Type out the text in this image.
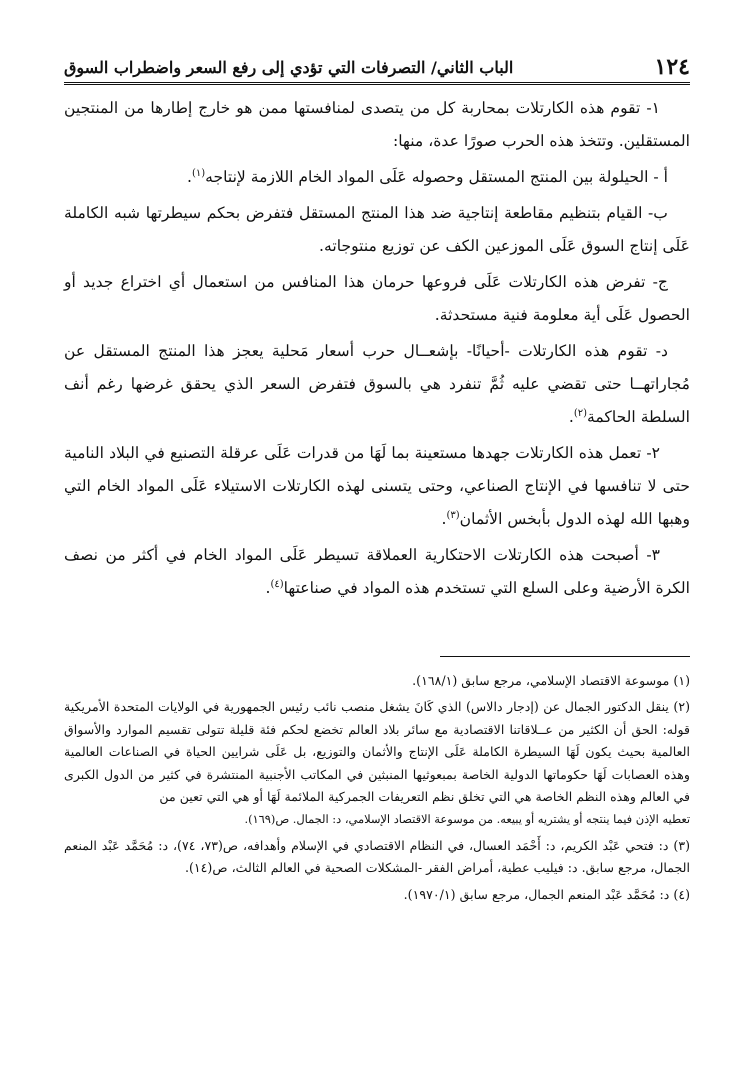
١٢٤
الباب الثاني/ التصرفات التي تؤدي إلى رفع السعر واضطراب السوق

١- تقوم هذه الكارتلات بمحاربة كل من يتصدى لمنافستها ممن هو خارج إطارها من المنتجين المستقلين. وتتخذ هذه الحرب صورًا عدة، منها:

أ - الحيلولة بين المنتج المستقل وحصوله عَلَى المواد الخام اللازمة لإنتاجه$^{(١)}$.

ب- القيام بتنظيم مقاطعة إنتاجية ضد هذا المنتج المستقل فتفرض بحكم سيطرتها شبه الكاملة عَلَى إنتاج السوق عَلَى الموزعين الكف عن توزيع منتوجاته.

ج- تفرض هذه الكارتلات عَلَى فروعها حرمان هذا المنافس من استعمال أي اختراع جديد أو الحصول عَلَى أية معلومة فنية مستحدثة.

د- تقوم هذه الكارتلات -أحيانًا- بإشعــال حرب أسعار مَحلية يعجز هذا المنتج المستقل عن مُجاراتهــا حتى تقضي عليه ثُمَّ تنفرد هي بالسوق فتفرض السعر الذي يحقق غرضها رغم أنف السلطة الحاكمة$^{(٢)}$.

٢- تعمل هذه الكارتلات جهدها مستعينة بما لَهَا من قدرات عَلَى عرقلة التصنيع في البلاد النامية حتى لا تنافسها في الإنتاج الصناعي، وحتى يتسنى لهذه الكارتلات الاستيلاء عَلَى المواد الخام التي وهبها الله لهذه الدول بأبخس الأثمان$^{(٣)}$.

٣- أصبحت هذه الكارتلات الاحتكارية العملاقة تسيطر عَلَى المواد الخام في أكثر من نصف الكرة الأرضية وعلى السلع التي تستخدم هذه المواد في صناعتها$^{(٤)}$.

(١) موسوعة الاقتصاد الإسلامي، مرجع سابق (١٦٨/١).
(٢) ينقل الدكتور الجمال عن (إدجار دالاس) الذي كَانَ يشغل منصب نائب رئيس الجمهورية في الولايات المتحدة الأمريكية قوله: الحق أن الكثير من عــلاقاتنا الاقتصادية مع سائر بلاد العالم تخضع لحكم فئة قليلة تتولى تقسيم الموارد والأسواق العالمية بحيث يكون لَهَا السيطرة الكاملة عَلَى الإنتاج والأثمان والتوزيع، بل عَلَى شرايين الحياة في الصناعات العالمية وهذه العصابات لَهَا حكوماتها الدولية الخاصة بمبعوثيها المنبثين في المكاتب الأجنبية المنتشرة في كثير من الدول الكبرى في العالم وهذه النظم الخاصة هي التي تخلق نظم التعريفات الجمركية الملائمة لَهَا أو هي التي تعين من
تعطيه الإذن فيما ينتجه أو يشتريه أو يبيعه. من موسوعة الاقتصاد الإسلامي، د: الجمال. ص(١٦٩).
(٣) د: فتحي عَبْد الكريم، د: أَحْمَد العسال، في النظام الاقتصادي في الإسلام وأهدافه، ص(٧٣، ٧٤)، د: مُحَمَّد عَبْد المنعم الجمال، مرجع سابق. د: فيليب عطية، أمراض الفقر -المشكلات الصحية في العالم الثالث، ص(١٤).
(٤) د: مُحَمَّد عَبْد المنعم الجمال، مرجع سابق (١٩٧٠/١).
